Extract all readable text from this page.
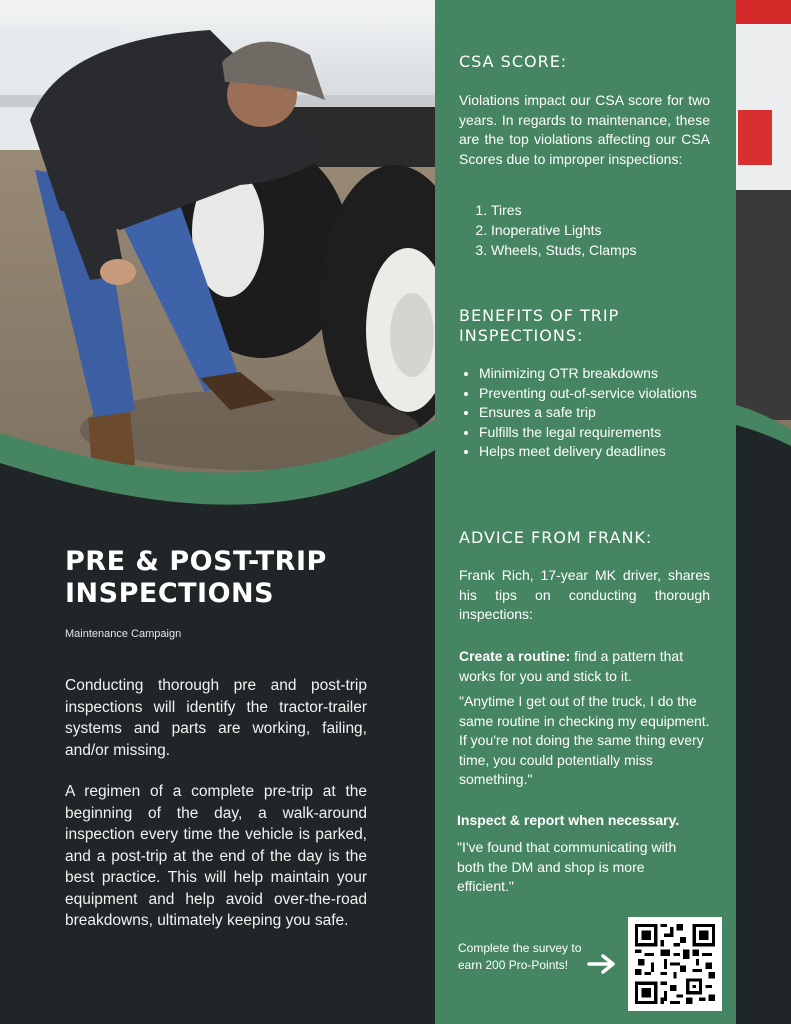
PRE & POST-TRIP
INSPECTIONS

Maintenance Campaign

Conducting thorough pre and post-trip inspections will identify the tractor-trailer systems and parts are working, failing, and/or missing.

A regimen of a complete pre-trip at the beginning of the day, a walk-around inspection every time the vehicle is parked, and a post-trip at the end of the day is the best practice. This will help maintain your equipment and help avoid over-the-road breakdowns, ultimately keeping you safe.

CSA SCORE:

Violations impact our CSA score for two years. In regards to maintenance, these are the top violations affecting our CSA Scores due to improper inspections:

1. Tires
2. Inoperative Lights
3. Wheels, Studs, Clamps
BENEFITS OF TRIP
INSPECTIONS:
• Minimizing OTR breakdowns
• Preventing out-of-service violations
• Ensures a safe trip
• Fulfills the legal requirements
• Helps meet delivery deadlines
ADVICE FROM FRANK:

Frank Rich, 17-year MK driver, shares his tips on conducting thorough inspections:

Create a routine: find a pattern that works for you and stick to it.

"Anytime I get out of the truck, I do the same routine in checking my equipment. If you're not doing the same thing every time, you could potentially miss something."

Inspect & report when necessary.

"I've found that communicating with both the DM and shop is more efficient."

Complete the survey to earn 200 Pro-Points!
